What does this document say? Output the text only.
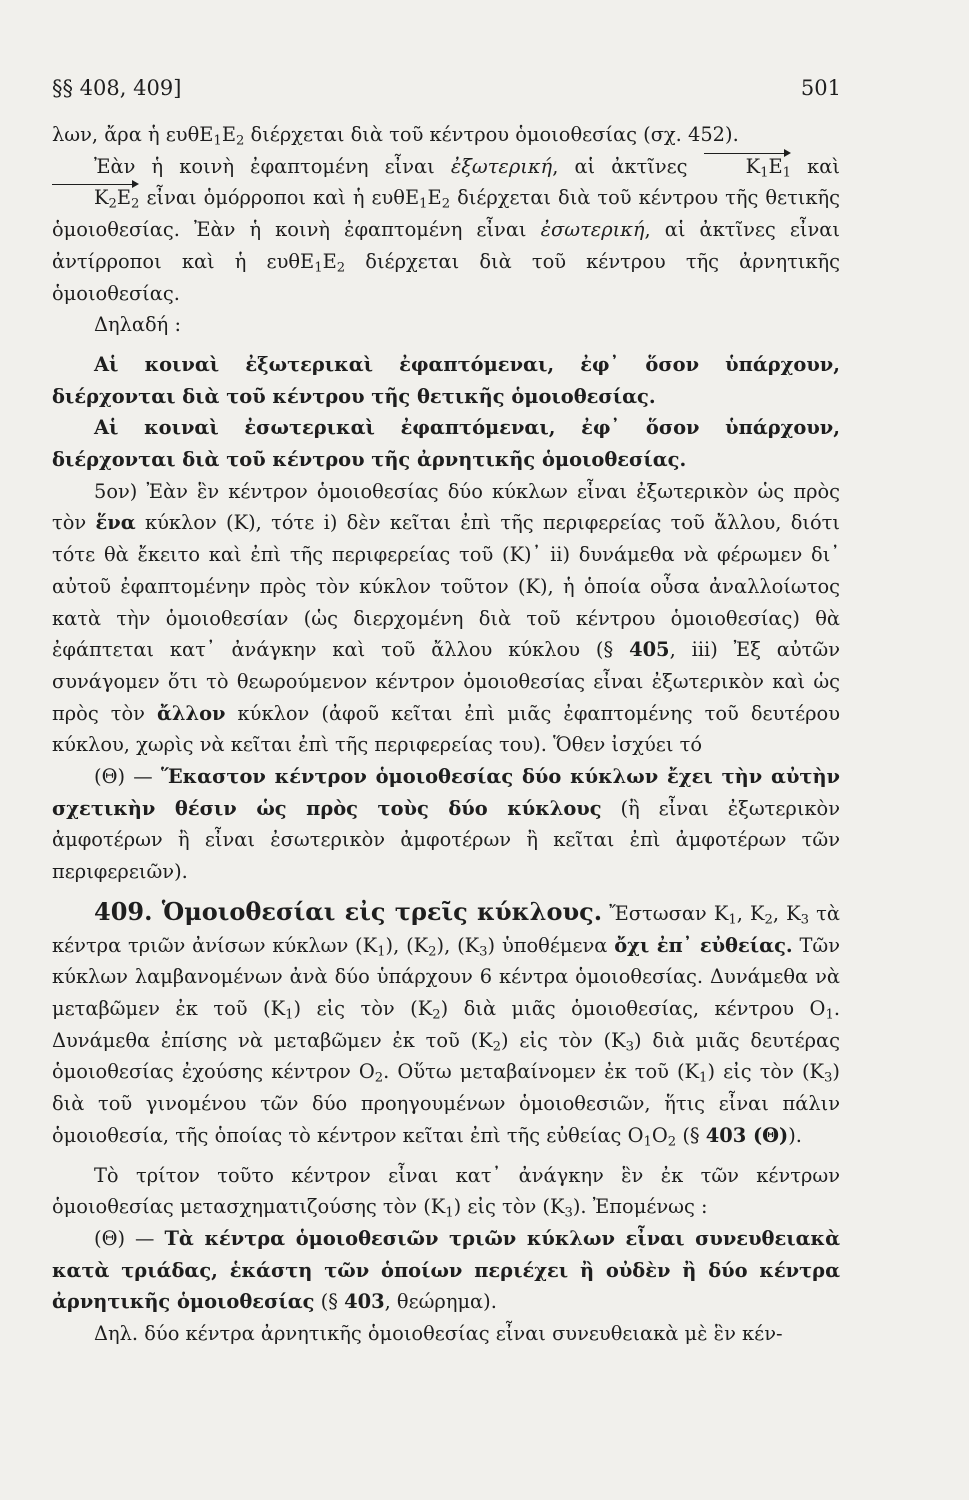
§§ 408, 409]	501

λων, ἄρα ἡ $\varepsilon\upsilon\theta E_1E_2$ διέρχεται διὰ τοῦ κέντρου ὁμοιοθεσίας (σχ. 452).

Ἐὰν ἡ κοινὴ ἐφαπτομένη εἶναι ἐξωτερική, αἱ ἀκτῖνες $K_1E_1$ καὶ $K_2E_2$ εἶναι ὁμόρροποι καὶ ἡ $\varepsilon\upsilon\theta E_1E_2$ διέρχεται διὰ τοῦ κέντρου τῆς θετικῆς ὁμοιοθεσίας. Ἐὰν ἡ κοινὴ ἐφαπτομένη εἶναι ἐσωτερική, αἱ ἀκτῖνες εἶναι ἀντίρροποι καὶ ἡ $\varepsilon\upsilon\theta E_1E_2$ διέρχεται διὰ τοῦ κέντρου τῆς ἀρνητικῆς ὁμοιοθεσίας.

Δηλαδή :

Αἱ κοιναὶ ἐξωτερικαὶ ἐφαπτόμεναι, ἐφ᾽ ὅσον ὑπάρχουν, διέρχονται διὰ τοῦ κέντρου τῆς θετικῆς ὁμοιοθεσίας.

Αἱ κοιναὶ ἐσωτερικαὶ ἐφαπτόμεναι, ἐφ᾽ ὅσον ὑπάρχουν, διέρχονται διὰ τοῦ κέντρου τῆς ἀρνητικῆς ὁμοιοθεσίας.

5ον) Ἐὰν ἓν κέντρον ὁμοιοθεσίας δύο κύκλων εἶναι ἐξωτερικὸν ὡς πρὸς τὸν ἕνα κύκλον (Κ), τότε i) δὲν κεῖται ἐπὶ τῆς περιφερείας τοῦ ἄλλου, διότι τότε θὰ ἔκειτο καὶ ἐπὶ τῆς περιφερείας τοῦ (Κ)᾽ ii) δυνάμεθα νὰ φέρωμεν δι᾽ αὐτοῦ ἐφαπτομένην πρὸς τὸν κύκλον τοῦτον (Κ), ἡ ὁποία οὖσα ἀναλλοίωτος κατὰ τὴν ὁμοιοθεσίαν (ὡς διερχομένη διὰ τοῦ κέντρου ὁμοιοθεσίας) θὰ ἐφάπτεται κατ᾽ ἀνάγκην καὶ τοῦ ἄλλου κύκλου (§ 405, iii) Ἐξ αὐτῶν συνάγομεν ὅτι τὸ θεωρούμενον κέντρον ὁμοιοθεσίας εἶναι ἐξωτερικὸν καὶ ὡς πρὸς τὸν ἄλλον κύκλον (ἀφοῦ κεῖται ἐπὶ μιᾶς ἐφαπτομένης τοῦ δευτέρου κύκλου, χωρὶς νὰ κεῖται ἐπὶ τῆς περιφερείας του). Ὅθεν ἰσχύει τό

(Θ) — Ἕκαστον κέντρον ὁμοιοθεσίας δύο κύκλων ἔχει τὴν αὐτὴν σχετικὴν θέσιν ὡς πρὸς τοὺς δύο κύκλους (ἢ εἶναι ἐξωτερικὸν ἀμφοτέρων ἢ εἶναι ἐσωτερικὸν ἀμφοτέρων ἢ κεῖται ἐπὶ ἀμφοτέρων τῶν περιφερειῶν).

409. Ὁμοιοθεσίαι εἰς τρεῖς κύκλους. Ἔστωσαν $K_1$, $K_2$, $K_3$ τὰ κέντρα τριῶν ἀνίσων κύκλων $(K_1)$, $(K_2)$, $(K_3)$ ὑποθέμενα ὄχι ἐπ᾽ εὐθείας. Τῶν κύκλων λαμβανομένων ἀνὰ δύο ὑπάρχουν 6 κέντρα ὁμοιοθεσίας. Δυνάμεθα νὰ μεταβῶμεν ἐκ τοῦ $(K_1)$ εἰς τὸν $(K_2)$ διὰ μιᾶς ὁμοιοθεσίας, κέντρου $O_1$. Δυνάμεθα ἐπίσης νὰ μεταβῶμεν ἐκ τοῦ $(K_2)$ εἰς τὸν $(K_3)$ διὰ μιᾶς δευτέρας ὁμοιοθεσίας ἐχούσης κέντρον $O_2$. Οὕτω μεταβαίνομεν ἐκ τοῦ $(K_1)$ εἰς τὸν $(K_3)$ διὰ τοῦ γινομένου τῶν δύο προηγουμένων ὁμοιοθεσιῶν, ἥτις εἶναι πάλιν ὁμοιοθεσία, τῆς ὁποίας τὸ κέντρον κεῖται ἐπὶ τῆς εὐθείας $O_1O_2$ (§ 403 (Θ)).

Τὸ τρίτον τοῦτο κέντρον εἶναι κατ᾽ ἀνάγκην ἓν ἐκ τῶν κέντρων ὁμοιοθεσίας μετασχηματιζούσης τὸν $(K_1)$ εἰς τὸν $(K_3)$. Ἐπομένως :

(Θ) — Τὰ κέντρα ὁμοιοθεσιῶν τριῶν κύκλων εἶναι συνευθειακὰ κατὰ τριάδας, ἑκάστη τῶν ὁποίων περιέχει ἢ οὐδὲν ἢ δύο κέντρα ἀρνητικῆς ὁμοιοθεσίας (§ 403, θεώρημα).

Δηλ. δύο κέντρα ἀρνητικῆς ὁμοιοθεσίας εἶναι συνευθειακὰ μὲ ἓν κέν-
